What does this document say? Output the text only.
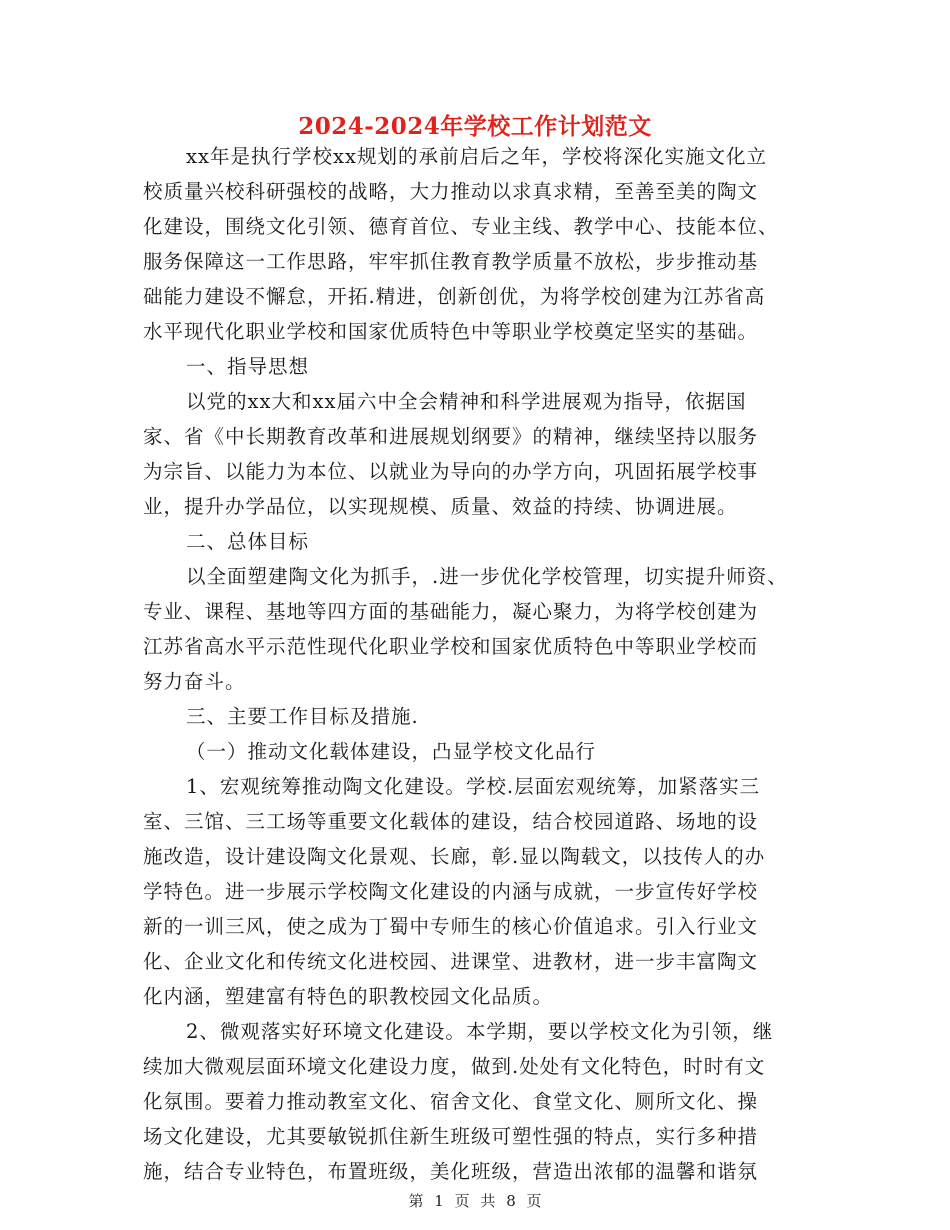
2024-2024年学校工作计划范文
xx年是执行学校xx规划的承前启后之年，学校将深化实施文化立
校质量兴校科研强校的战略，大力推动以求真求精，至善至美的陶文
化建设，围绕文化引领、德育首位、专业主线、教学中心、技能本位、
服务保障这一工作思路，牢牢抓住教育教学质量不放松，步步推动基
础能力建设不懈怠，开拓.精进，创新创优，为将学校创建为江苏省高
水平现代化职业学校和国家优质特色中等职业学校奠定坚实的基础。
一、指导思想
以党的xx大和xx届六中全会精神和科学进展观为指导，依据国
家、省《中长期教育改革和进展规划纲要》的精神，继续坚持以服务
为宗旨、以能力为本位、以就业为导向的办学方向，巩固拓展学校事
业，提升办学品位，以实现规模、质量、效益的持续、协调进展。
二、总体目标
以全面塑建陶文化为抓手，.进一步优化学校管理，切实提升师资、
专业、课程、基地等四方面的基础能力，凝心聚力，为将学校创建为
江苏省高水平示范性现代化职业学校和国家优质特色中等职业学校而
努力奋斗。
三、主要工作目标及措施.
（一）推动文化载体建设，凸显学校文化品行
1、宏观统筹推动陶文化建设。学校.层面宏观统筹，加紧落实三
室、三馆、三工场等重要文化载体的建设，结合校园道路、场地的设
施改造，设计建设陶文化景观、长廊，彰.显以陶载文，以技传人的办
学特色。进一步展示学校陶文化建设的内涵与成就，一步宣传好学校
新的一训三风，使之成为丁蜀中专师生的核心价值追求。引入行业文
化、企业文化和传统文化进校园、进课堂、进教材，进一步丰富陶文
化内涵，塑建富有特色的职教校园文化品质。
2、微观落实好环境文化建设。本学期，要以学校文化为引领，继
续加大微观层面环境文化建设力度，做到.处处有文化特色，时时有文
化氛围。要着力推动教室文化、宿舍文化、食堂文化、厕所文化、操
场文化建设，尤其要敏锐抓住新生班级可塑性强的特点，实行多种措
施，结合专业特色，布置班级，美化班级，营造出浓郁的温馨和谐氛
第 1 页 共 8 页
